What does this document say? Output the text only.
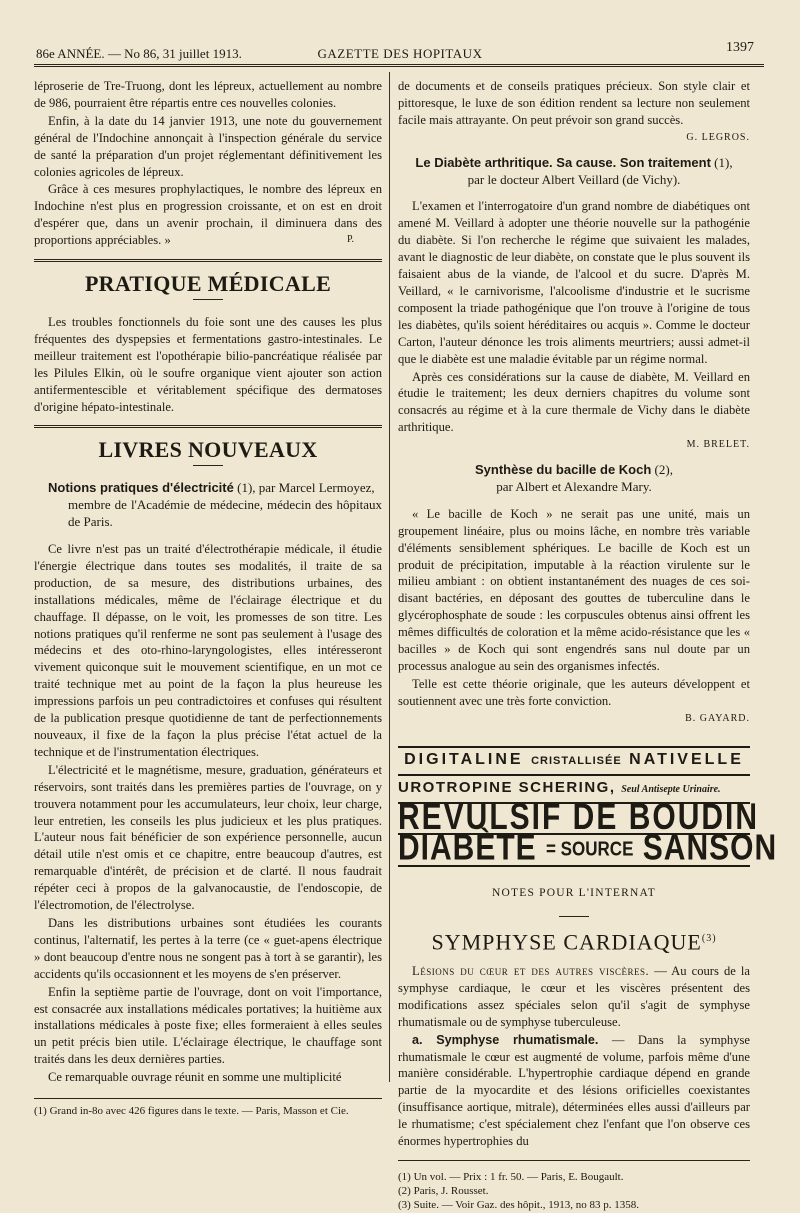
86e ANNÉE. — No 86, 31 juillet 1913.	GAZETTE DES HOPITAUX	1397

léproserie de Tre-Truong, dont les lépreux, actuellement au nombre de 986, pourraient être répartis entre ces nouvelles colonies.

Enfin, à la date du 14 janvier 1913, une note du gouvernement général de l'Indochine annonçait à l'inspection générale du service de santé la préparation d'un projet réglementant définitivement les colonies agricoles de lépreux.

Grâce à ces mesures prophylactiques, le nombre des lépreux en Indochine n'est plus en progression croissante, et on est en droit d'espérer que, dans un avenir prochain, il diminuera dans des proportions appréciables. »	P.

PRATIQUE MÉDICALE

Les troubles fonctionnels du foie sont une des causes les plus fréquentes des dyspepsies et fermentations gastro-intestinales. Le meilleur traitement est l'opothérapie bilio-pancréatique réalisée par les Pilules Elkin, où le soufre organique vient ajouter son action antifermentescible et véritablement spécifique des dermatoses d'origine hépato-intestinale.

LIVRES NOUVEAUX
Notions pratiques d'électricité (1), par Marcel Lermoyez,
membre de l'Académie de médecine, médecin des hôpitaux de Paris.

Ce livre n'est pas un traité d'électrothérapie médicale, il étudie l'énergie électrique dans toutes ses modalités, il traite de sa production, de sa mesure, des distributions urbaines, des installations médicales, même de l'éclairage électrique et du chauffage. Il dépasse, on le voit, les promesses de son titre. Les notions pratiques qu'il renferme ne sont pas seulement à l'usage des médecins et des oto-rhino-laryngologistes, elles intéresseront vivement quiconque suit le mouvement scientifique, en un mot ce traité technique met au point de la façon la plus heureuse les impressions parfois un peu contradictoires et confuses qui résultent de la publication presque quotidienne de tant de perfectionnements nouveaux, il fixe de la façon la plus précise l'état actuel de la technique et de l'instrumentation électriques.

L'électricité et le magnétisme, mesure, graduation, générateurs et réservoirs, sont traités dans les premières parties de l'ouvrage, on y trouvera notamment pour les accumulateurs, leur choix, leur charge, leur entretien, les conseils les plus judicieux et les plus pratiques. L'auteur nous fait bénéficier de son expérience personnelle, aucun détail utile n'est omis et ce chapitre, entre beaucoup d'autres, est remarquable d'intérêt, de précision et de clarté. Il nous faudrait répéter ceci à propos de la galvanocaustie, de l'endoscopie, de l'électromotion, de l'électrolyse.

Dans les distributions urbaines sont étudiées les courants continus, l'alternatif, les pertes à la terre (ce « guet-apens électrique » dont beaucoup d'entre nous ne songent pas à tort à se garantir), les accidents qu'ils occasionnent et les moyens de s'en préserver.

Enfin la septième partie de l'ouvrage, dont on voit l'importance, est consacrée aux installations médicales portatives; la huitième aux installations médicales à poste fixe; elles formeraient à elles seules un petit précis bien utile. L'éclairage électrique, le chauffage sont traités dans les deux dernières parties.

Ce remarquable ouvrage réunit en somme une multiplicité

(1) Grand in-8o avec 426 figures dans le texte. — Paris, Masson et Cie.

de documents et de conseils pratiques précieux. Son style clair et pittoresque, le luxe de son édition rendent sa lecture non seulement facile mais attrayante. On peut prévoir son grand succès.

G. LEGROS.
Le Diabète arthritique. Sa cause. Son traitement (1),
par le docteur Albert Veillard (de Vichy).

L'examen et l'interrogatoire d'un grand nombre de diabétiques ont amené M. Veillard à adopter une théorie nouvelle sur la pathogénie du diabète. Si l'on recherche le régime que suivaient les malades, avant le diagnostic de leur diabète, on constate que le plus souvent ils faisaient abus de la viande, de l'alcool et du sucre. D'après M. Veillard, « le carnivorisme, l'alcoolisme d'industrie et le sucrisme composent la triade pathogénique que l'on trouve à l'origine de tous les diabètes, qu'ils soient héréditaires ou acquis ». Comme le docteur Carton, l'auteur dénonce les trois aliments meurtriers; aussi admet-il que le diabète est une maladie évitable par un régime normal.

Après ces considérations sur la cause de diabète, M. Veillard en étudie le traitement; les deux derniers chapitres du volume sont consacrés au régime et à la cure thermale de Vichy dans le diabète arthritique.

M. BRELET.
Synthèse du bacille de Koch (2),
par Albert et Alexandre Mary.

« Le bacille de Koch » ne serait pas une unité, mais un groupement linéaire, plus ou moins lâche, en nombre très variable d'éléments sensiblement sphériques. Le bacille de Koch est un produit de précipitation, imputable à la réaction virulente sur le milieu ambiant : on obtient instantanément des nuages de ces soi-disant bactéries, en déposant des gouttes de tuberculine dans le glycérophosphate de soude : les corpuscules obtenus ainsi offrent les mêmes difficultés de coloration et la même acido-résistance que les « bacilles » de Koch qui sont engendrés sans nul doute par un processus analogue au sein des organismes infectés.

Telle est cette théorie originale, que les auteurs développent et soutiennent avec une très forte conviction.

B. GAYARD.
DIGITALINE CRISTALLISÉE NATIVELLE
UROTROPINE SCHERING, Seul Antisepte Urinaire.
REVULSIF DE BOUDIN
DIABÈTE = SOURCE SANSON
NOTES POUR L'INTERNAT
SYMPHYSE CARDIAQUE$^{(3)}$

Lésions du cœur et des autres viscères. — Au cours de la symphyse cardiaque, le cœur et les viscères présentent des modifications assez spéciales selon qu'il s'agit de symphyse rhumatismale ou de symphyse tuberculeuse.

a. Symphyse rhumatismale. — Dans la symphyse rhumatismale le cœur est augmenté de volume, parfois même d'une manière considérable. L'hypertrophie cardiaque dépend en grande partie de la myocardite et des lésions orificielles coexistantes (insuffisance aortique, mitrale), déterminées elles aussi d'ailleurs par le rhumatisme; c'est spécialement chez l'enfant que l'on observe ces énormes hypertrophies du

(1) Un vol. — Prix : 1 fr. 50. — Paris, E. Bougault.

(2) Paris, J. Rousset.

(3) Suite. — Voir Gaz. des hôpit., 1913, no 83 p. 1358.
